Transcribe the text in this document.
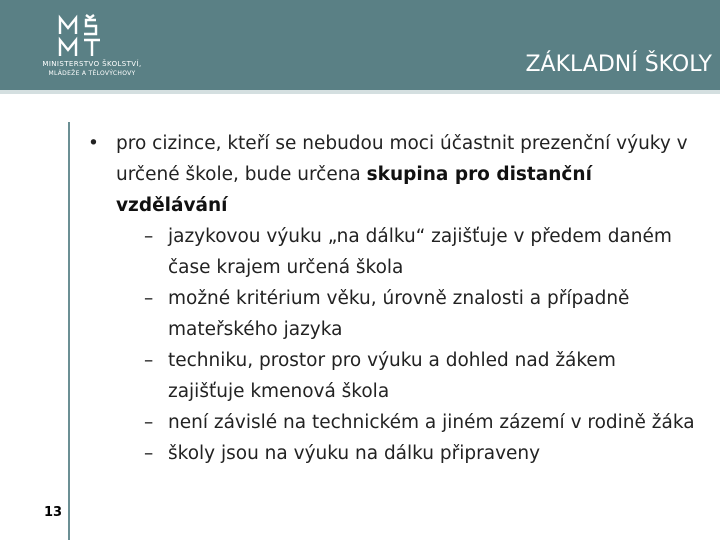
MINISTERSTVO ŠKOLSTVÍ,
MLÁDEŽE A TĚLOVÝCHOVY	ZÁKLADNÍ ŠKOLY
• pro cizince, kteří se nebudou moci účastnit prezenční výuky v určené škole, bude určena skupina pro distanční vzdělávání
– jazykovou výuku „na dálku“ zajišťuje v předem daném čase krajem určená škola
– možné kritérium věku, úrovně znalosti a případně mateřského jazyka
– techniku, prostor pro výuku a dohled nad žákem zajišťuje kmenová škola
– není závislé na technickém a jiném zázemí v rodině žáka
– školy jsou na výuku na dálku připraveny
13
